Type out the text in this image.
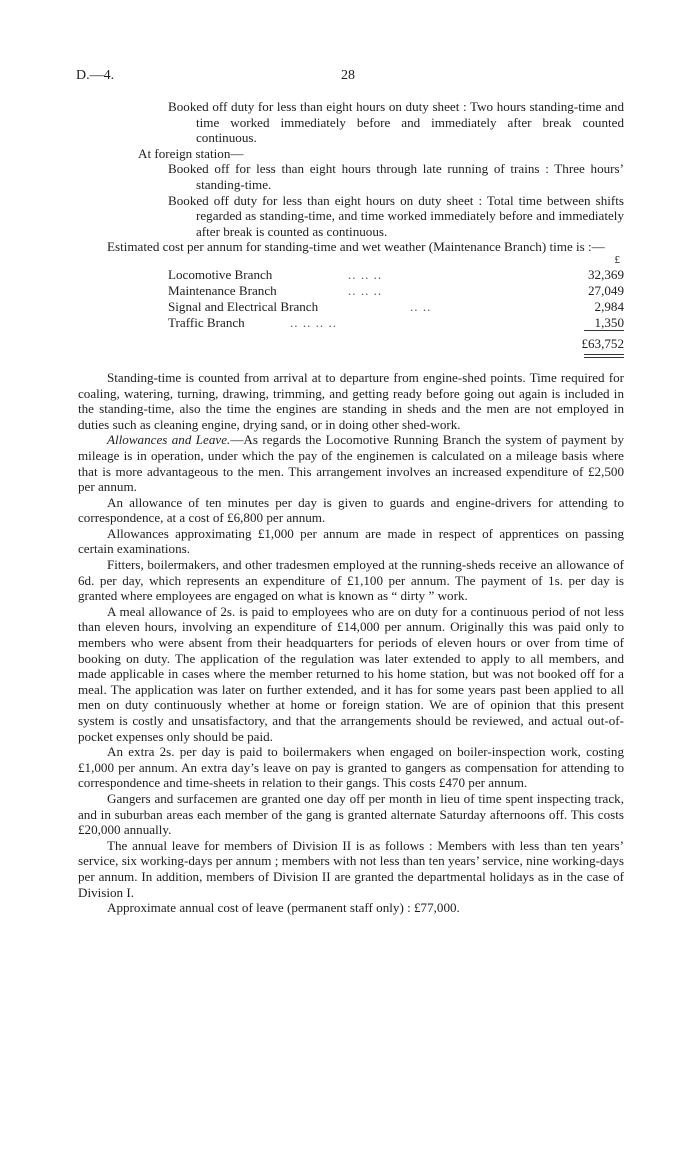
D.—4.	28

Booked off duty for less than eight hours on duty sheet : Two hours standing-time and time worked immediately before and immediately after break counted continuous.

At foreign station—

Booked off for less than eight hours through late running of trains : Three hours’ standing-time.

Booked off duty for less than eight hours on duty sheet : Total time between shifts regarded as standing-time, and time worked immediately before and immediately after break is counted as continuous.

Estimated cost per annum for standing-time and wet weather (Maintenance Branch) time is :—

£
Locomotive Branch	.. .. ..	32,369
Maintenance Branch	.. .. ..	27,049
Signal and Electrical Branch	.. ..	2,984
Traffic Branch	.. .. .. ..	1,350
£63,752

Standing-time is counted from arrival at to departure from engine-shed points. Time required for coaling, watering, turning, drawing, trimming, and getting ready before going out again is included in the standing-time, also the time the engines are standing in sheds and the men are not employed in duties such as cleaning engine, drying sand, or in doing other shed-work.

Allowances and Leave.—As regards the Locomotive Running Branch the system of payment by mileage is in operation, under which the pay of the enginemen is calculated on a mileage basis where that is more advantageous to the men. This arrangement involves an increased expenditure of £2,500 per annum.

An allowance of ten minutes per day is given to guards and engine-drivers for attending to correspondence, at a cost of £6,800 per annum.

Allowances approximating £1,000 per annum are made in respect of apprentices on passing certain examinations.

Fitters, boilermakers, and other tradesmen employed at the running-sheds receive an allowance of 6d. per day, which represents an expenditure of £1,100 per annum. The payment of 1s. per day is granted where employees are engaged on what is known as “ dirty ” work.

A meal allowance of 2s. is paid to employees who are on duty for a continuous period of not less than eleven hours, involving an expenditure of £14,000 per annum. Originally this was paid only to members who were absent from their headquarters for periods of eleven hours or over from time of booking on duty. The application of the regulation was later extended to apply to all members, and made applicable in cases where the member returned to his home station, but was not booked off for a meal. The application was later on further extended, and it has for some years past been applied to all men on duty continuously whether at home or foreign station. We are of opinion that this present system is costly and unsatisfactory, and that the arrangements should be reviewed, and actual out-of-pocket expenses only should be paid.

An extra 2s. per day is paid to boilermakers when engaged on boiler-inspection work, costing £1,000 per annum. An extra day’s leave on pay is granted to gangers as compensation for attending to correspondence and time-sheets in relation to their gangs. This costs £470 per annum.

Gangers and surfacemen are granted one day off per month in lieu of time spent inspecting track, and in suburban areas each member of the gang is granted alternate Saturday afternoons off. This costs £20,000 annually.

The annual leave for members of Division II is as follows : Members with less than ten years’ service, six working-days per annum ; members with not less than ten years’ service, nine working-days per annum. In addition, members of Division II are granted the departmental holidays as in the case of Division I.

Approximate annual cost of leave (permanent staff only) : £77,000.
